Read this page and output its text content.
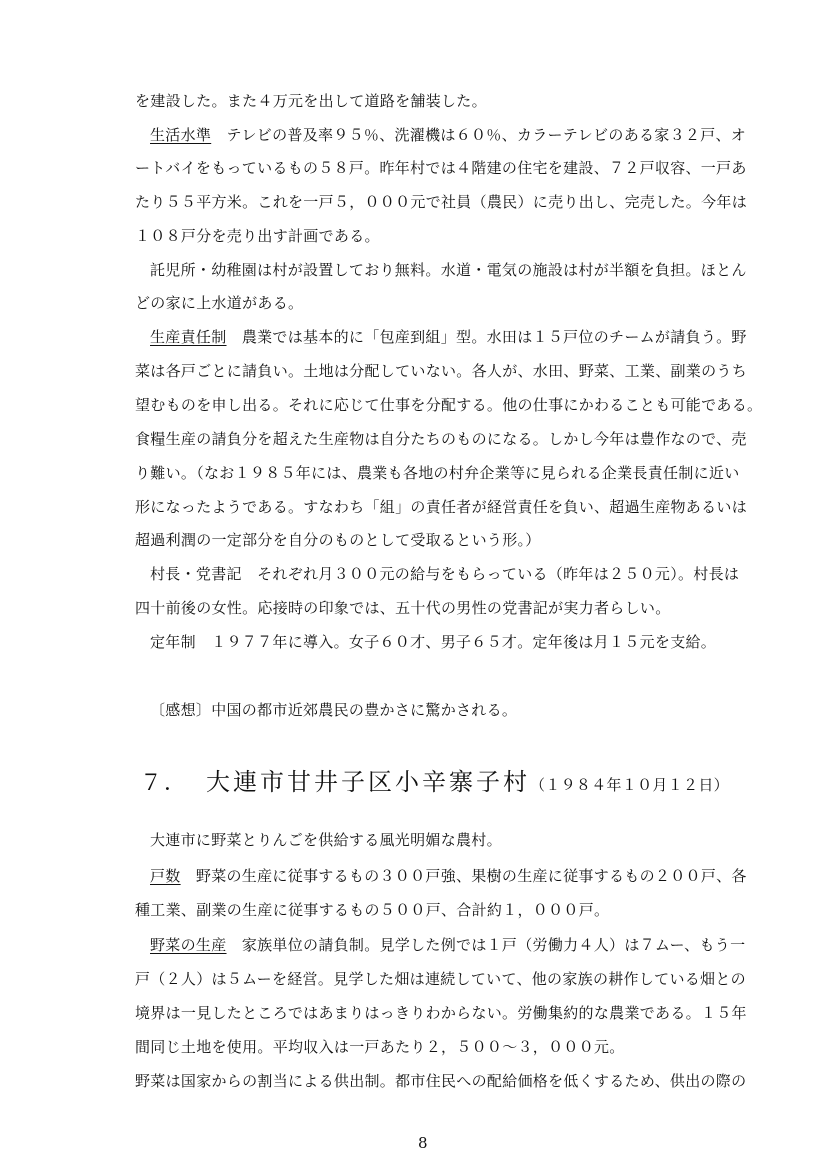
を建設した。また４万元を出して道路を舗装した。
生活水準　テレビの普及率９５％、洗濯機は６０％、カラーテレビのある家３２戸、オ
ートバイをもっているもの５８戸。昨年村では４階建の住宅を建設、７２戸収容、一戸あ
たり５５平方米。これを一戸５，０００元で社員（農民）に売り出し、完売した。今年は
１０８戸分を売り出す計画である。
託児所・幼稚園は村が設置しており無料。水道・電気の施設は村が半額を負担。ほとん
どの家に上水道がある。
生産責任制　農業では基本的に「包産到組」型。水田は１５戸位のチームが請負う。野
菜は各戸ごとに請負い。土地は分配していない。各人が、水田、野菜、工業、副業のうち
望むものを申し出る。それに応じて仕事を分配する。他の仕事にかわることも可能である。
食糧生産の請負分を超えた生産物は自分たちのものになる。しかし今年は豊作なので、売
り難い。（なお１９８５年には、農業も各地の村弁企業等に見られる企業長責任制に近い
形になったようである。すなわち「組」の責任者が経営責任を負い、超過生産物あるいは
超過利潤の一定部分を自分のものとして受取るという形。）
村長・党書記　それぞれ月３００元の給与をもらっている（昨年は２５０元）。村長は
四十前後の女性。応接時の印象では、五十代の男性の党書記が実力者らしい。
定年制　１９７７年に導入。女子６０才、男子６５才。定年後は月１５元を支給。
〔感想〕中国の都市近郊農民の豊かさに驚かされる。
７． 大連市甘井子区小辛寨子村（１９８４年１０月１２日）
大連市に野菜とりんごを供給する風光明媚な農村。
戸数　野菜の生産に従事するもの３００戸強、果樹の生産に従事するもの２００戸、各
種工業、副業の生産に従事するもの５００戸、合計約１，０００戸。
野菜の生産　家族単位の請負制。見学した例では１戸（労働力４人）は７ムー、もう一
戸（２人）は５ムーを経営。見学した畑は連続していて、他の家族の耕作している畑との
境界は一見したところではあまりはっきりわからない。労働集約的な農業である。１５年
間同じ土地を使用。平均収入は一戸あたり２，５００～３，０００元。
野菜は国家からの割当による供出制。都市住民への配給価格を低くするため、供出の際の
8
